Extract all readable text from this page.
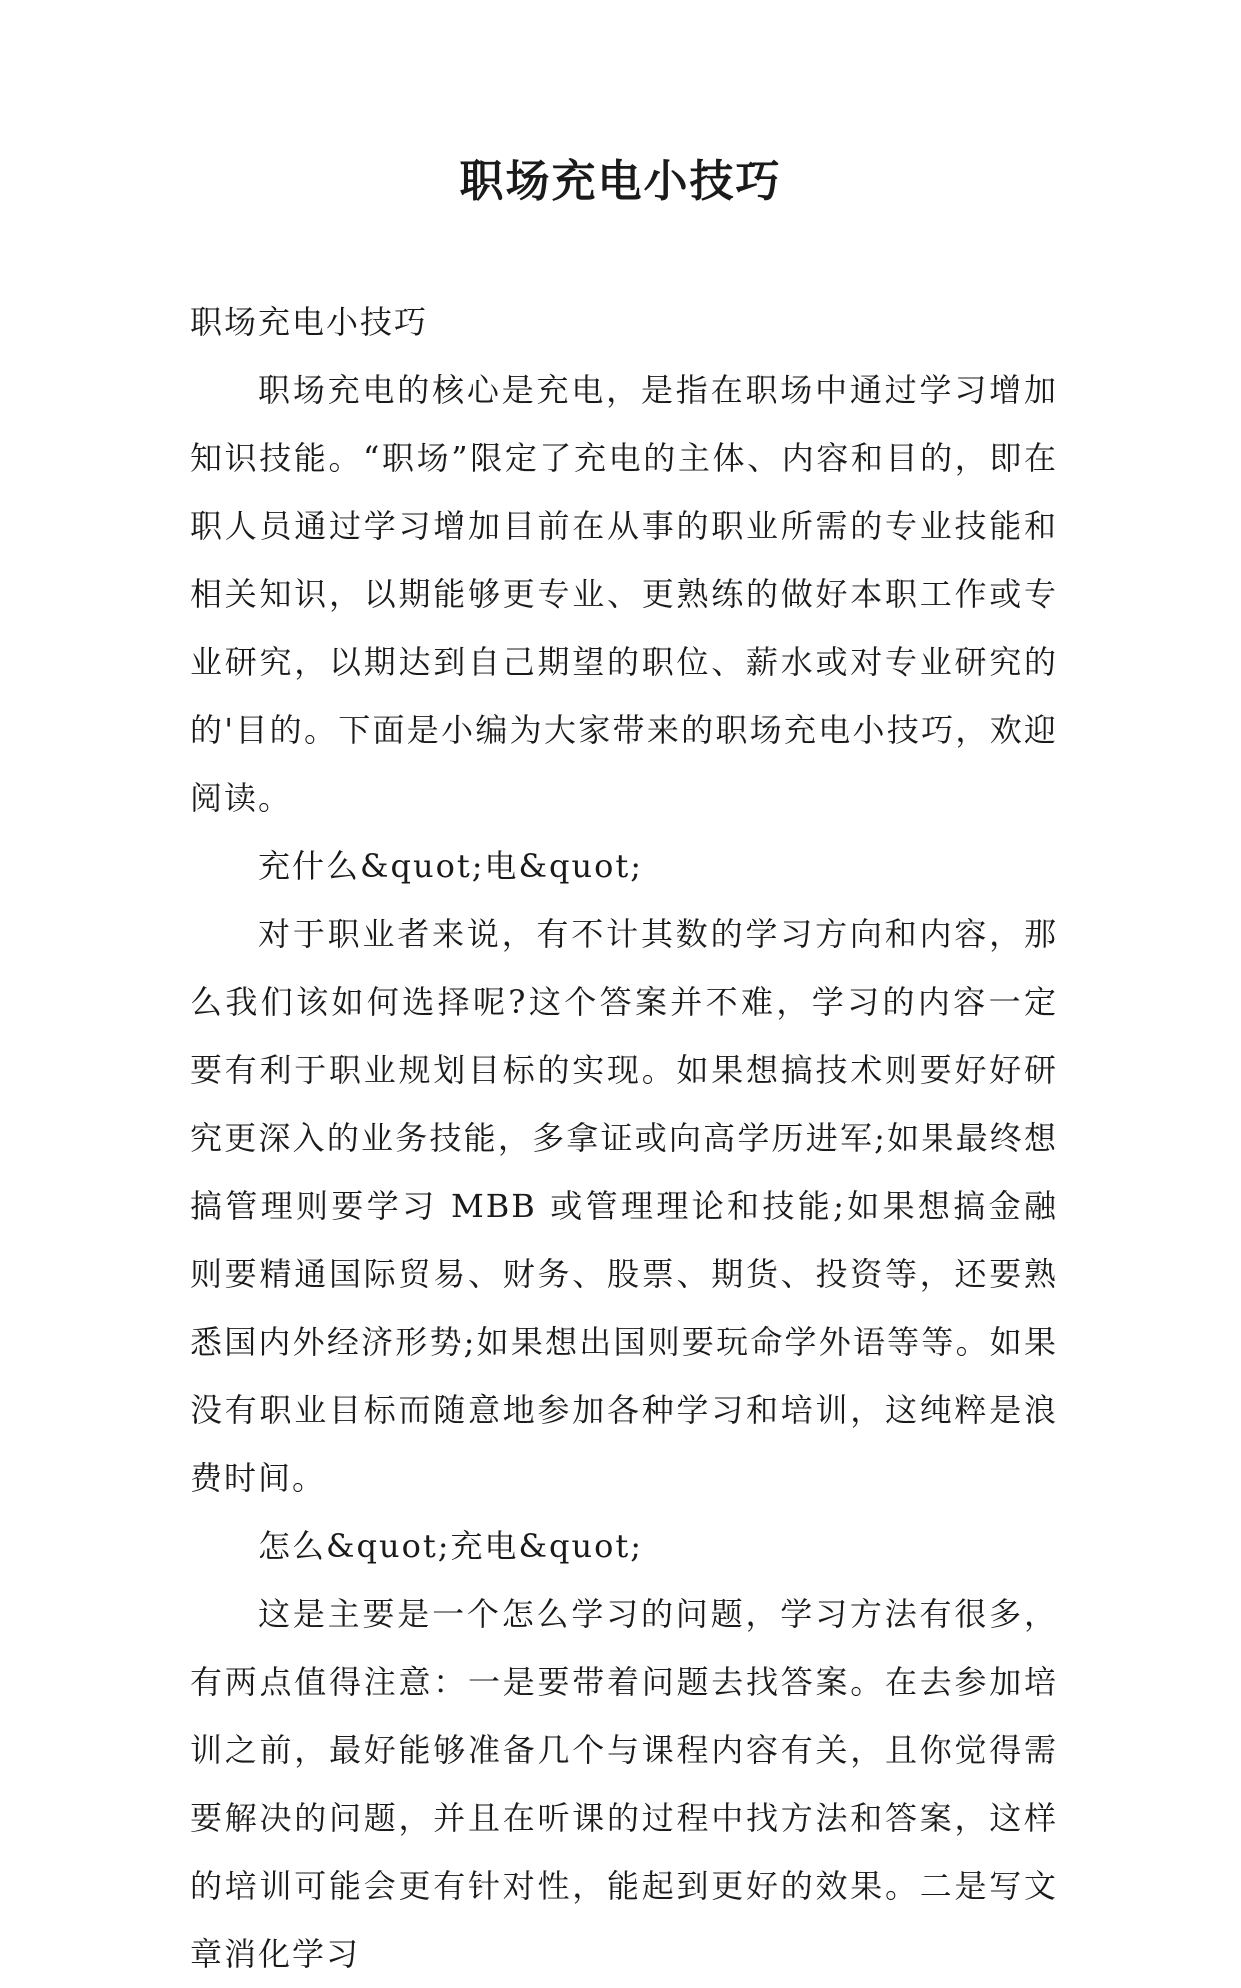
职场充电小技巧

职场充电小技巧

职场充电的核心是充电，是指在职场中通过学习增加知识技能。“职场”限定了充电的主体、内容和目的，即在职人员通过学习增加目前在从事的职业所需的专业技能和相关知识，以期能够更专业、更熟练的做好本职工作或专业研究，以期达到自己期望的职位、薪水或对专业研究的的'目的。下面是小编为大家带来的职场充电小技巧，欢迎阅读。

充什么&quot;电&quot;

对于职业者来说，有不计其数的学习方向和内容，那么我们该如何选择呢?这个答案并不难，学习的内容一定要有利于职业规划目标的实现。如果想搞技术则要好好研究更深入的业务技能，多拿证或向高学历进军;如果最终想搞管理则要学习 MBB 或管理理论和技能;如果想搞金融则要精通国际贸易、财务、股票、期货、投资等，还要熟悉国内外经济形势;如果想出国则要玩命学外语等等。如果没有职业目标而随意地参加各种学习和培训，这纯粹是浪费时间。

怎么&quot;充电&quot;

这是主要是一个怎么学习的问题，学习方法有很多，有两点值得注意：一是要带着问题去找答案。在去参加培训之前，最好能够准备几个与课程内容有关，且你觉得需要解决的问题，并且在听课的过程中找方法和答案，这样的培训可能会更有针对性，能起到更好的效果。二是写文章消化学习
